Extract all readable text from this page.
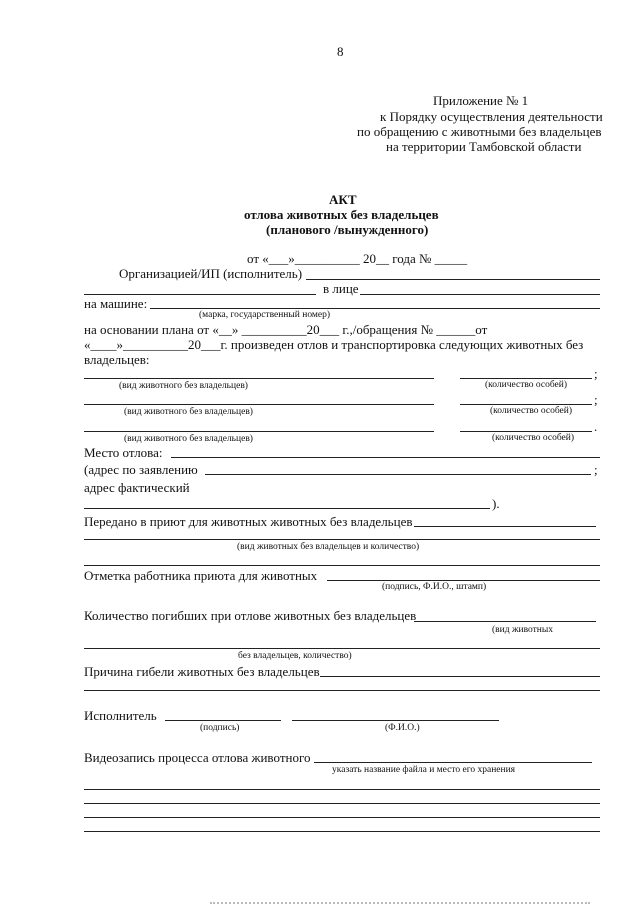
8
Приложение № 1
к Порядку осуществления деятельности
по обращению с животными без владельцев
на территории Тамбовской области
АКТ
отлова животных без владельцев
(планового /вынужденного)
от «___»__________ 20__ года № _____
Организацией/ИП (исполнитель)
в лице
на машине:
(марка, государственный номер)
на основании плана от «__» __________20___ г.,/обращения № ______от
«____»__________20___г. произведен отлов и транспортировка следующих животных без
владельцев:
;
(вид животного без владельцев)	(количество особей)
;
(вид животного без владельцев)	(количество особей)
.
(вид животного без владельцев)	(количество особей)
Место отлова:
(адрес по заявлению	;
адрес фактический
).
Передано в приют для животных животных без владельцев
(вид животных без владельцев и количество)
Отметка работника приюта для животных
(подпись, Ф.И.О., штамп)
Количество погибших при отлове животных без владельцев
(вид животных
без владельцев, количество)
Причина гибели животных без владельцев
Исполнитель
(подпись)	(Ф.И.О.)
Видеозапись процесса отлова животного
указать название файла и место его хранения
